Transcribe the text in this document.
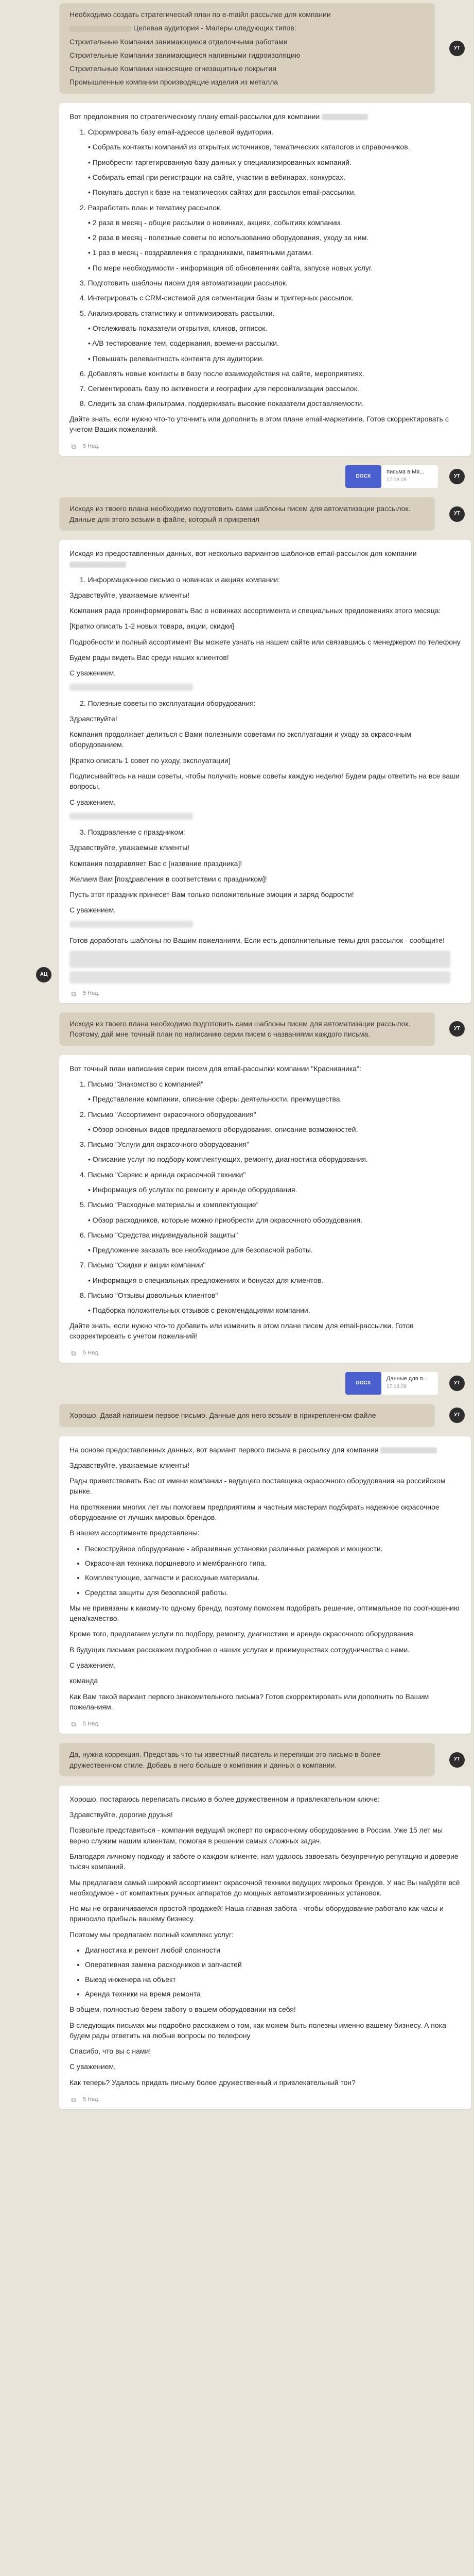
Необходимо создать стратегический план по e-maiйл рассылке для компании

Целевая аудитория - Малеры следующих типов:

Строительные Компании занимающиеся отделочными работами

Строительные Компании занимающиеся наливными гидроизоляцию

Строительные Компании наносящие огнезащитные покрытия

Промышленные компании производящие изделия из металла

УТ

Вот предложения по стратегическому плану email-рассылки для компании

1. Сформировать базу email-адресов целевой аудитории.

• Собрать контакты компаний из открытых источников, тематических каталогов и справочников.

• Приобрести таргетированную базу данных у специализированных компаний.

• Собирать email при регистрации на сайте, участии в вебинарах, конкурсах.

• Покупать доступ к базе на тематических сайтах для рассылок email-рассылки.

2. Разработать план и тематику рассылок.

• 2 раза в месяц - общие рассылки о новинках, акциях, событиях компании.

• 2 раза в месяц - полезные советы по использованию оборудования, уходу за ним.

• 1 раз в месяц - поздравления с праздниками, памятными датами.

• По мере необходимости - информация об обновлениях сайта, запуске новых услуг.

3. Подготовить шаблоны писем для автоматизации рассылок.

4. Интегрировать с CRM-системой для сегментации базы и триггерных рассылок.

5. Анализировать статистику и оптимизировать рассылки.

• Отслеживать показатели открытия, кликов, отписок.

• A/B тестирование тем, содержания, времени рассылки.

• Повышать релевантность контента для аудитории.

6. Добавлять новые контакты в базу после взаимодействия на сайте, мероприятиях.

7. Сегментировать базу по активности и географии для персонализации рассылок.

8. Следить за спам-фильтрами, поддерживать высокие показатели доставляемости.

Дайте знать, если нужно что-то уточнить или дополнить в этом плане email-маркетинга. Готов скорректировать с учетом Ваших пожеланий.

⧉	5 Нед.
DOCX
письма в Мя...
17:18:09
УТ

Исходя из твоего плана необходимо подготовить сами шаблоны писем для автоматизации рассылок. Данные для этого возьми в файле, который я прикрепил

УТ

Исходя из предоставленных данных, вот несколько вариантов шаблонов email-рассылок для компании

1. Информационное письмо о новинках и акциях компании:

Здравствуйте, уважаемые клиенты!

Компания рада проинформировать Вас о новинках ассортимента и специальных предложениях этого месяца:

[Кратко описать 1-2 новых товара, акции, скидки]

Подробности и полный ассортимент Вы можете узнать на нашем сайте или связавшись с менеджером по телефону

Будем рады видеть Вас среди наших клиентов!

С уважением,

2. Полезные советы по эксплуатации оборудования:

Здравствуйте!

Компания продолжает делиться с Вами полезными советами по эксплуатации и уходу за окрасочным оборудованием.

[Кратко описать 1 совет по уходу, эксплуатации]

Подписывайтесь на наши советы, чтобы получать новые советы каждую неделю! Будем рады ответить на все ваши вопросы.

С уважением,

3. Поздравление с праздником:

Здравствуйте, уважаемые клиенты!

Компания поздравляет Вас с [название праздника]!

Желаем Вам [поздравления в соответствии с праздником]!

Пусть этот праздник принесет Вам только положительные эмоции и заряд бодрости!

С уважением,

Готов доработать шаблоны по Вашим пожеланиям. Если есть дополнительные темы для рассылок - сообщите!

⧉	5 Нед.
АЦ

Исходя из твоего плана необходимо подготовить сами шаблоны писем для автоматизации рассылок. Поэтому, дай мне точный план по написанию серии писем с названиями каждого письма.

УТ

Вот точный план написания серии писем для email-рассылки компании "Краснианика":

1. Письмо "Знакомство с компанией"

• Представление компании, описание сферы деятельности, преимущества.

2. Письмо "Ассортимент окрасочного оборудования"

• Обзор основных видов предлагаемого оборудования, описание возможностей.

3. Письмо "Услуги для окрасочного оборудования"

• Описание услуг по подбору комплектующих, ремонту, диагностика оборудования.

4. Письмо "Сервис и аренда окрасочной техники"

• Информация об услугах по ремонту и аренде оборудования.

5. Письмо "Расходные материалы и комплектующие"

• Обзор расходников, которые можно приобрести для окрасочного оборудования.

6. Письмо "Средства индивидуальной защиты"

• Предложение заказать все необходимое для безопасной работы.

7. Письмо "Скидки и акции компании"

• Информация о специальных предложениях и бонусах для клиентов.

8. Письмо "Отзывы довольных клиентов"

• Подборка положительных отзывов с рекомендациями компании.

Дайте знать, если нужно что-то добавить или изменить в этом плане писем для email-рассылки. Готов скорректировать с учетом пожеланий!

⧉	5 Нед.
DOCX
Данные для п...
17:18:09
УТ

Хорошо. Давай напишем первое письмо. Данные для него возьми в прикрепленном файле	УТ

На основе предоставленных данных, вот вариант первого письма в рассылку для компании

Здравствуйте, уважаемые клиенты!

Рады приветствовать Вас от имени компании - ведущего поставщика окрасочного оборудования на российском рынке.

На протяжении многих лет мы помогаем предприятиям и частным мастерам подбирать надежное окрасочное оборудование от лучших мировых брендов.

В нашем ассортименте представлены:

• Пескоструйное оборудование - абразивные установки различных размеров и мощности.
• Окрасочная техника поршневого и мембранного типа.
• Комплектующие, запчасти и расходные материалы.
• Средства защиты для безопасной работы.

Мы не привязаны к какому-то одному бренду, поэтому поможем подобрать решение, оптимальное по соотношению цена/качество.

Кроме того, предлагаем услуги по подбору, ремонту, диагностике и аренде окрасочного оборудования.

В будущих письмах расскажем подробнее о наших услугах и преимуществах сотрудничества с нами.

С уважением,

команда

Как Вам такой вариант первого знакомительного письма? Готов скорректировать или дополнить по Вашим пожеланиям.

⧉	5 Нед.

Да, нужна коррекция. Представь что ты известный писатель и перепиши это письмо в более дружественном стиле. Добавь в него больше о компании и данных о компании.

УТ

Хорошо, постараюсь переписать письмо в более дружественном и привлекательном ключе:

Здравствуйте, дорогие друзья!

Позвольте представиться - компания ведущий эксперт по окрасочному оборудованию в России. Уже 15 лет мы верно служим нашим клиентам, помогая в решении самых сложных задач.

Благодаря личному подходу и заботе о каждом клиенте, нам удалось завоевать безупречную репутацию и доверие тысяч компаний.

Мы предлагаем самый широкий ассортимент окрасочной техники ведущих мировых брендов. У нас Вы найдёте всё необходимое - от компактных ручных аппаратов до мощных автоматизированных установок.

Но мы не ограничиваемся простой продажей! Наша главная забота - чтобы оборудование работало как часы и приносило прибыль вашему бизнесу.

Поэтому мы предлагаем полный комплекс услуг:

• Диагностика и ремонт любой сложности
• Оперативная замена расходников и запчастей
• Выезд инженера на объект
• Аренда техники на время ремонта

В общем, полностью берем заботу о вашем оборудовании на себя!

В следующих письмах мы подробно расскажем о том, как можем быть полезны именно вашему бизнесу. А пока будем рады ответить на любые вопросы по телефону

Спасибо, что вы с нами!

С уважением,

Как теперь? Удалось придать письму более дружественный и привлекательный тон?

⧉	5 Нед.
